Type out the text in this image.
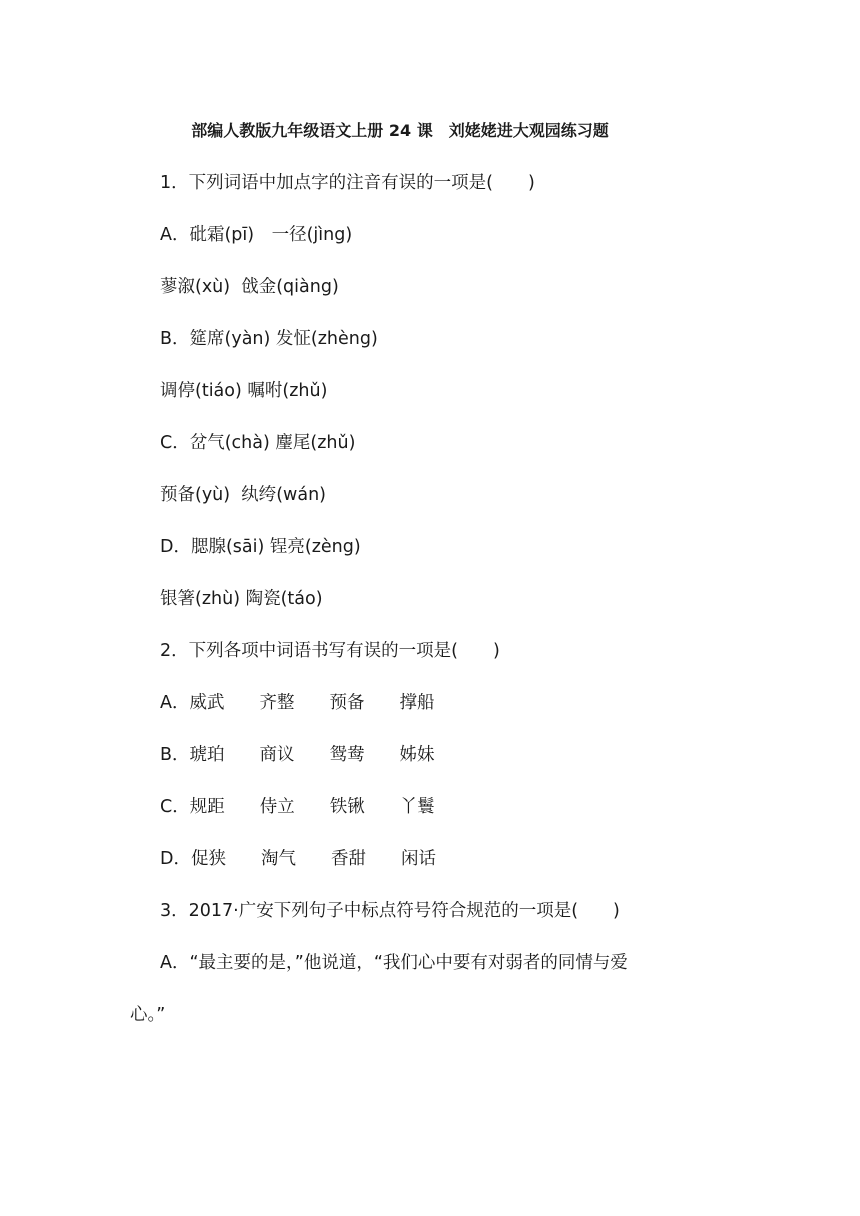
部编人教版九年级语文上册 24 课　刘姥姥进大观园练习题
1．下列词语中加点字的注音有误的一项是(　　)
A．砒霜(pī)　一径(jìng)
蓼溆(xù)  戗金(qiàng)
B．筵席(yàn) 发怔(zhèng)
调停(tiáo) 嘱咐(zhǔ)
C．岔气(chà) 麈尾(zhǔ)
预备(yù)  纨绔(wán)
D．腮腺(sāi) 锃亮(zèng)
银箸(zhù) 陶瓷(táo)
2．下列各项中词语书写有误的一项是(　　)
A．威武　　齐整　　预备　　撑船
B．琥珀　　商议　　鸳鸯　　姊妹
C．规距　　侍立　　铁锹　　丫鬟
D．促狭　　淘气　　香甜　　闲话
3．2017·广安下列句子中标点符号符合规范的一项是(　　)
A．“最主要的是，”他说道，“我们心中要有对弱者的同情与爱
心。”
